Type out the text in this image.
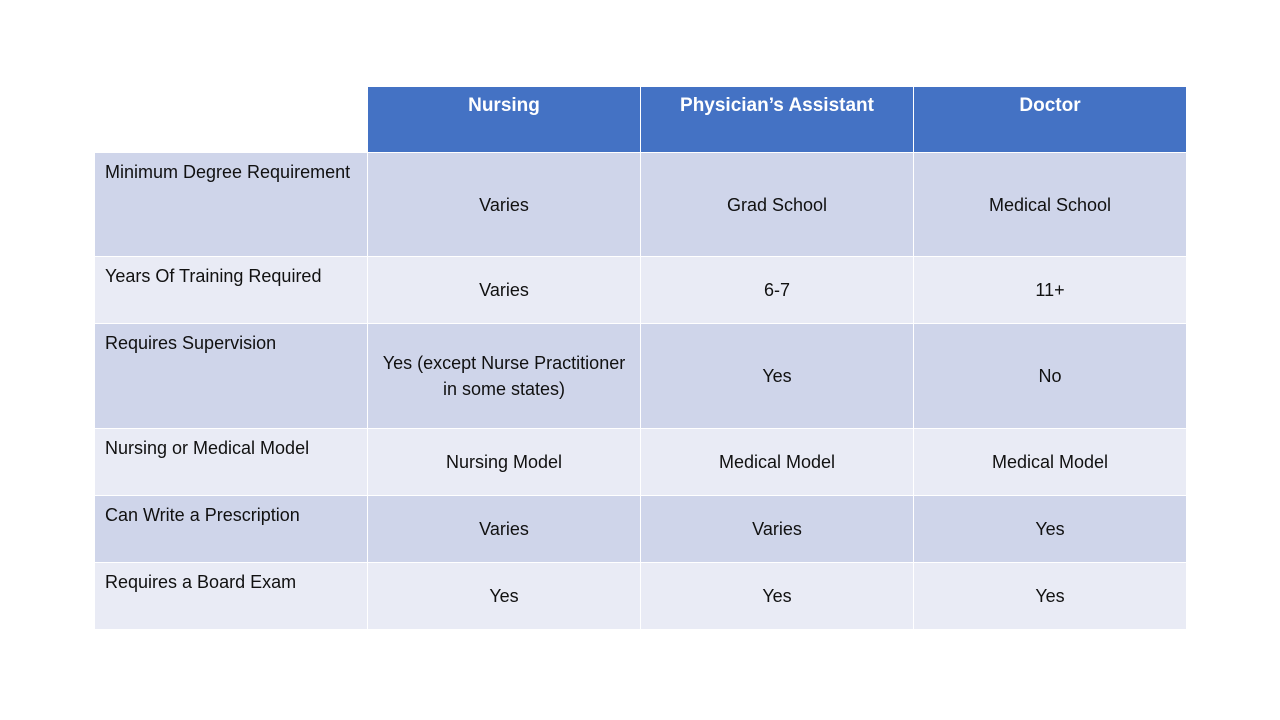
	Nursing	Physician’s Assistant	Doctor
Minimum Degree Requirement	Varies	Grad School	Medical School
Years Of Training Required	Varies	6-7	11+
Requires Supervision	Yes (except Nurse Practitioner in some states)	Yes	No
Nursing or Medical Model	Nursing Model	Medical Model	Medical Model
Can Write a Prescription	Varies	Varies	Yes
Requires a Board Exam	Yes	Yes	Yes
